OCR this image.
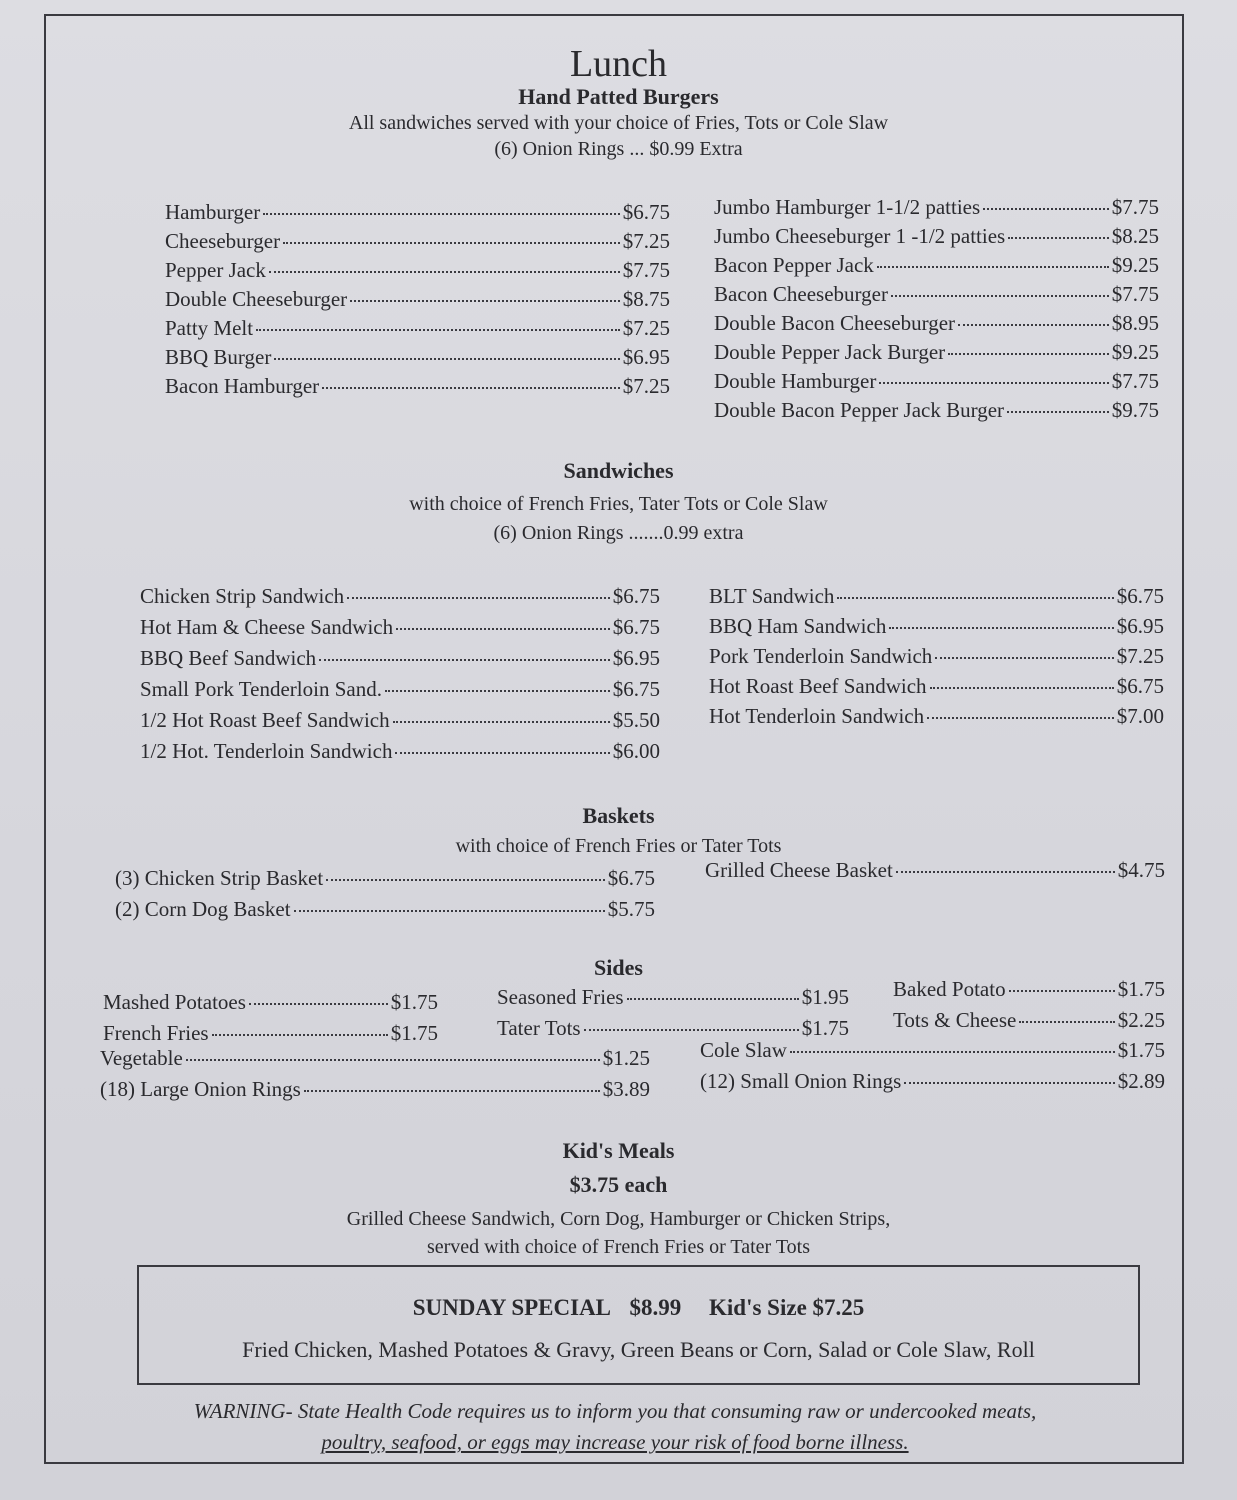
Lunch
Hand Patted Burgers
All sandwiches served with your choice of Fries, Tots or Cole Slaw
(6) Onion Rings ... $0.99 Extra
Hamburger	$6.75
Cheeseburger	$7.25
Pepper Jack	$7.75
Double Cheeseburger	$8.75
Patty Melt	$7.25
BBQ Burger	$6.95
Bacon Hamburger	$7.25
Jumbo Hamburger 1-1/2 patties	$7.75
Jumbo Cheeseburger 1 -1/2 patties	$8.25
Bacon Pepper Jack	$9.25
Bacon Cheeseburger	$7.75
Double Bacon Cheeseburger	$8.95
Double Pepper Jack Burger	$9.25
Double Hamburger	$7.75
Double Bacon Pepper Jack Burger	$9.75
Sandwiches
with choice of French Fries, Tater Tots or Cole Slaw
(6) Onion Rings .......0.99 extra
Chicken Strip Sandwich	$6.75
Hot Ham & Cheese Sandwich	$6.75
BBQ Beef Sandwich	$6.95
Small Pork Tenderloin Sand.	$6.75
1/2 Hot Roast Beef Sandwich	$5.50
1/2 Hot. Tenderloin Sandwich	$6.00
BLT Sandwich	$6.75
BBQ Ham Sandwich	$6.95
Pork Tenderloin Sandwich	$7.25
Hot Roast Beef Sandwich	$6.75
Hot Tenderloin Sandwich	$7.00
Baskets
with choice of French Fries or Tater Tots
(3) Chicken Strip Basket	$6.75
(2) Corn Dog Basket	$5.75
Grilled Cheese Basket	$4.75
Sides
Mashed Potatoes	$1.75
French Fries	$1.75
Seasoned Fries	$1.95
Tater Tots	$1.75
Baked Potato	$1.75
Tots & Cheese	$2.25
Vegetable	$1.25
(18) Large Onion Rings	$3.89
Cole Slaw	$1.75
(12) Small Onion Rings	$2.89
Kid's Meals
$3.75 each
Grilled Cheese Sandwich, Corn Dog, Hamburger or Chicken Strips,
served with choice of French Fries or Tater Tots
SUNDAY SPECIAL $8.99 Kid's Size $7.25
Fried Chicken, Mashed Potatoes & Gravy, Green Beans or Corn, Salad or Cole Slaw, Roll
WARNING- State Health Code requires us to inform you that consuming raw or undercooked meats,
poultry, seafood, or eggs may increase your risk of food borne illness.
